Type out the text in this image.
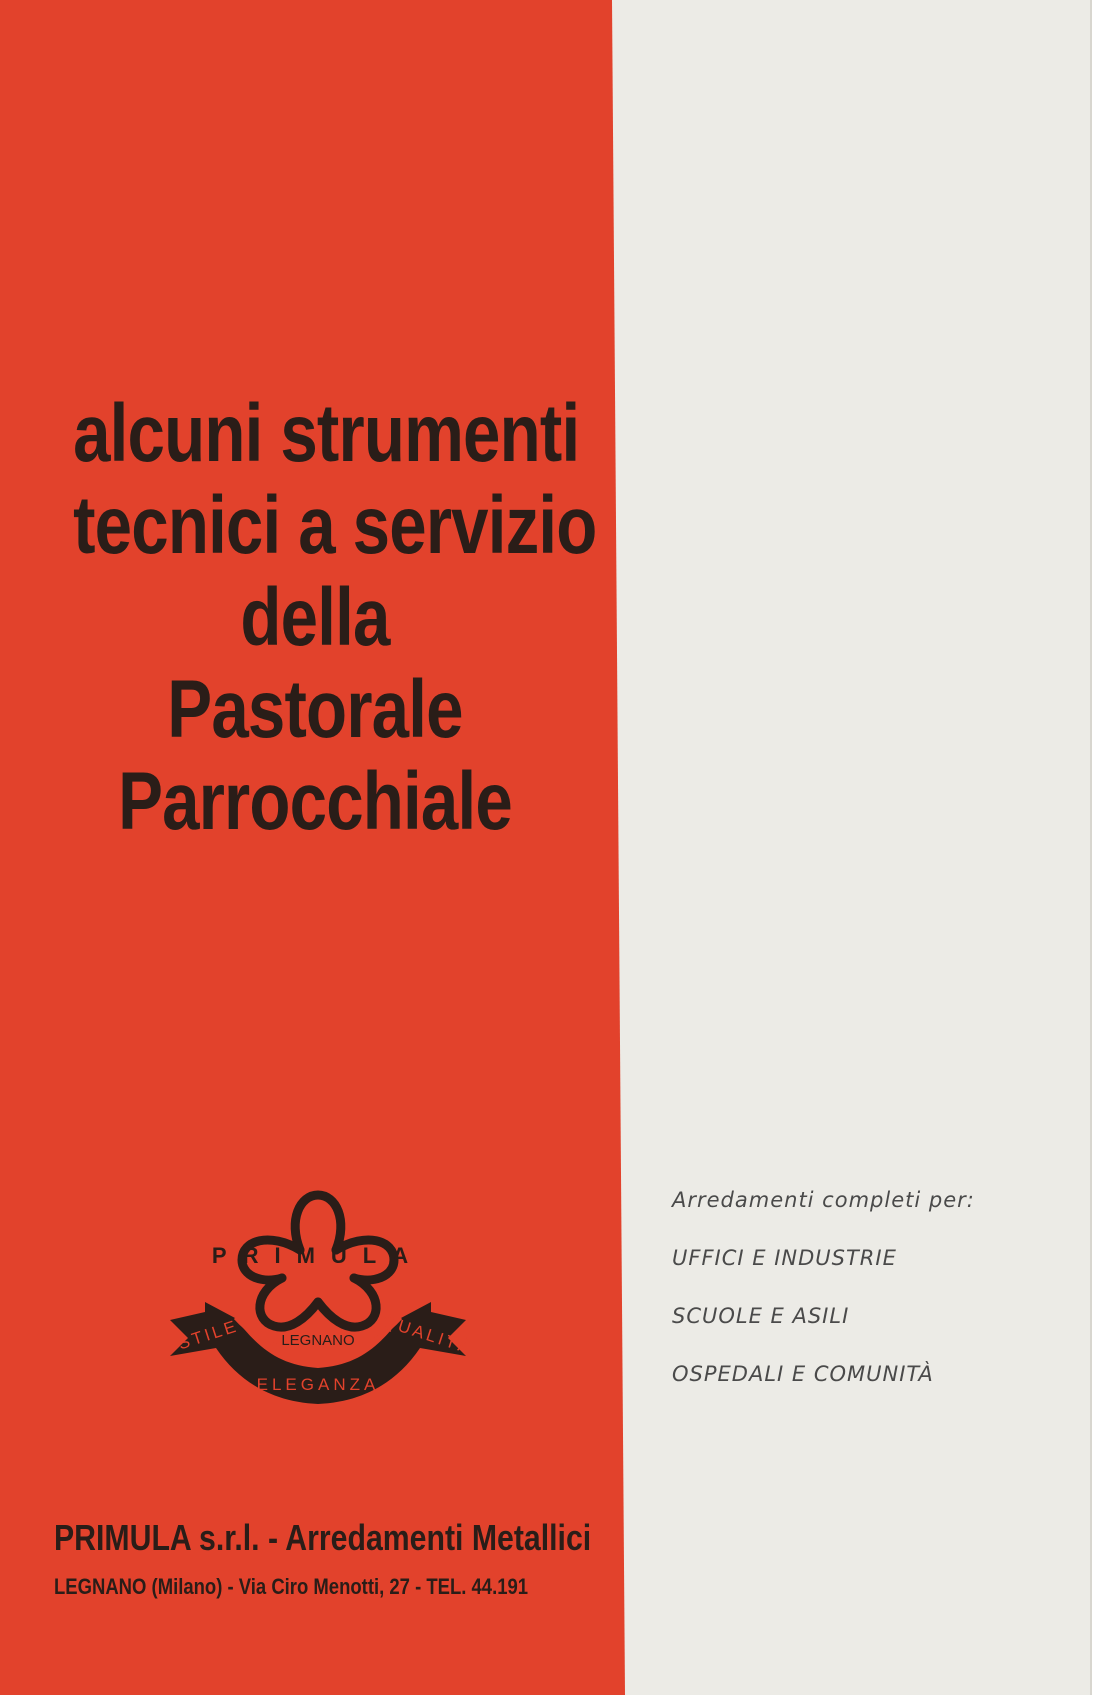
alcuni strumenti
tecnici a servizio
della
Pastorale
Parrocchiale
PRIMULA
LEGNANO
STILE	QUALITÀ
ELEGANZA
PRIMULA s.r.l. - Arredamenti Metallici
LEGNANO (Milano) - Via Ciro Menotti, 27 - TEL. 44.191
Arredamenti completi per:
UFFICI E INDUSTRIE
SCUOLE E ASILI
OSPEDALI E COMUNITÀ
